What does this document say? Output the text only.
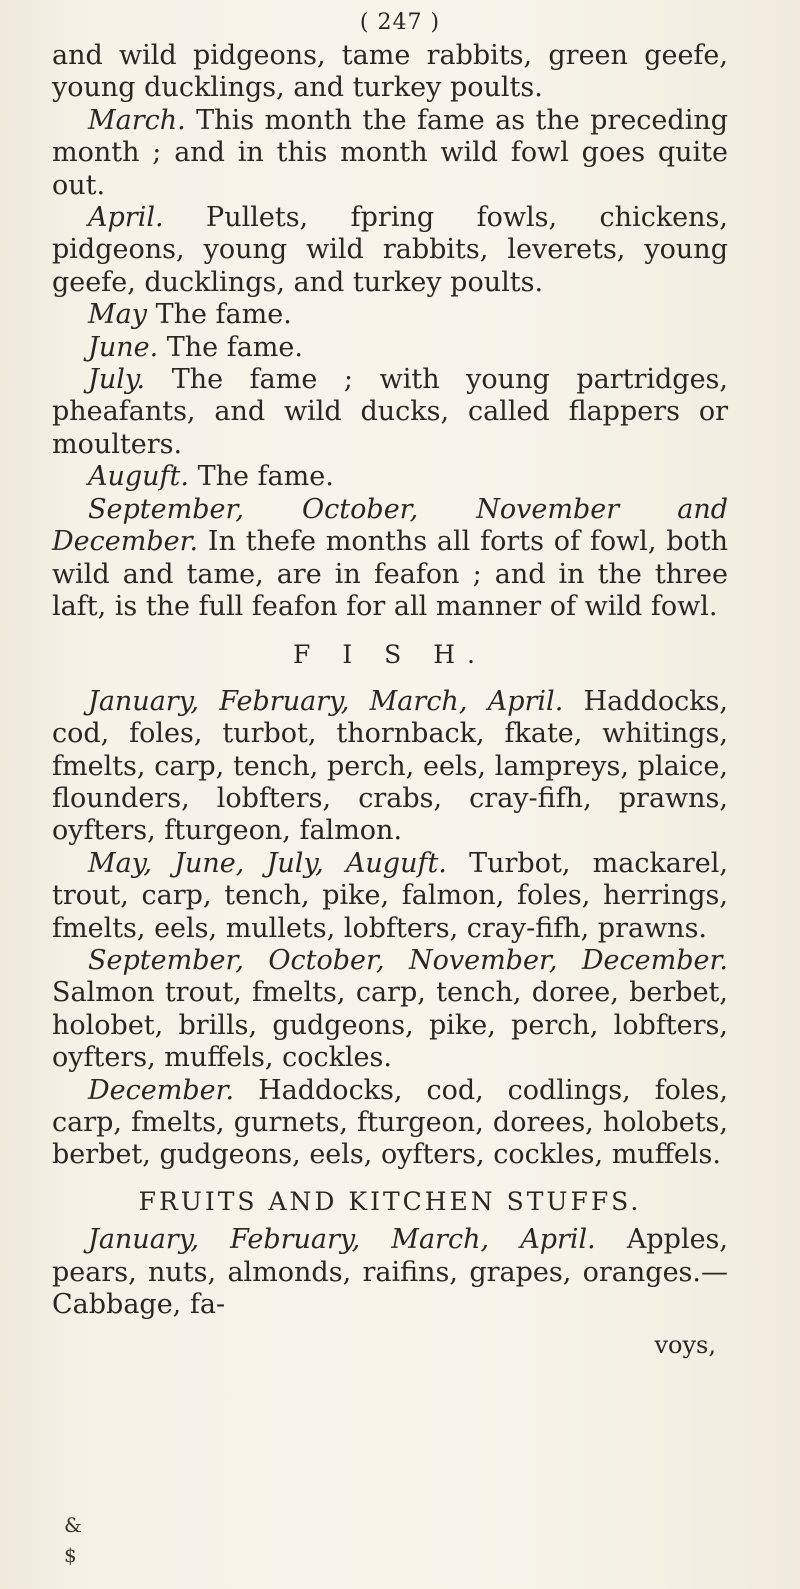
( 247 )

and wild pidgeons, tame rabbits, green geefe, young ducklings, and turkey poults.

March. This month the fame as the preceding month ; and in this month wild fowl goes quite out.

April. Pullets, fpring fowls, chickens, pidgeons, young wild rabbits, leverets, young geefe, ducklings, and turkey poults.

May The fame.

June. The fame.

July. The fame ; with young partridges, pheafants, and wild ducks, called flappers or moulters.

Auguft. The fame.

September, October, November and December. In thefe months all forts of fowl, both wild and tame, are in feafon ; and in the three laft, is the full feafon for all manner of wild fowl.

F I S H.

January, February, March, April. Haddocks, cod, foles, turbot, thornback, fkate, whitings, fmelts, carp, tench, perch, eels, lampreys, plaice, flounders, lobfters, crabs, cray-fifh, prawns, oyfters, fturgeon, falmon.

May, June, July, Auguft. Turbot, mackarel, trout, carp, tench, pike, falmon, foles, herrings, fmelts, eels, mullets, lobfters, cray-fifh, prawns.

September, October, November, December. Salmon trout, fmelts, carp, tench, doree, berbet, holobet, brills, gudgeons, pike, perch, lobfters, oyfters, muffels, cockles.

December. Haddocks, cod, codlings, foles, carp, fmelts, gurnets, fturgeon, dorees, holobets, berbet, gudgeons, eels, oyfters, cockles, muffels.

FRUITS AND KITCHEN STUFFS.

January, February, March, April. Apples, pears, nuts, almonds, raifins, grapes, oranges.—Cabbage, fa-

voys,
&
$
